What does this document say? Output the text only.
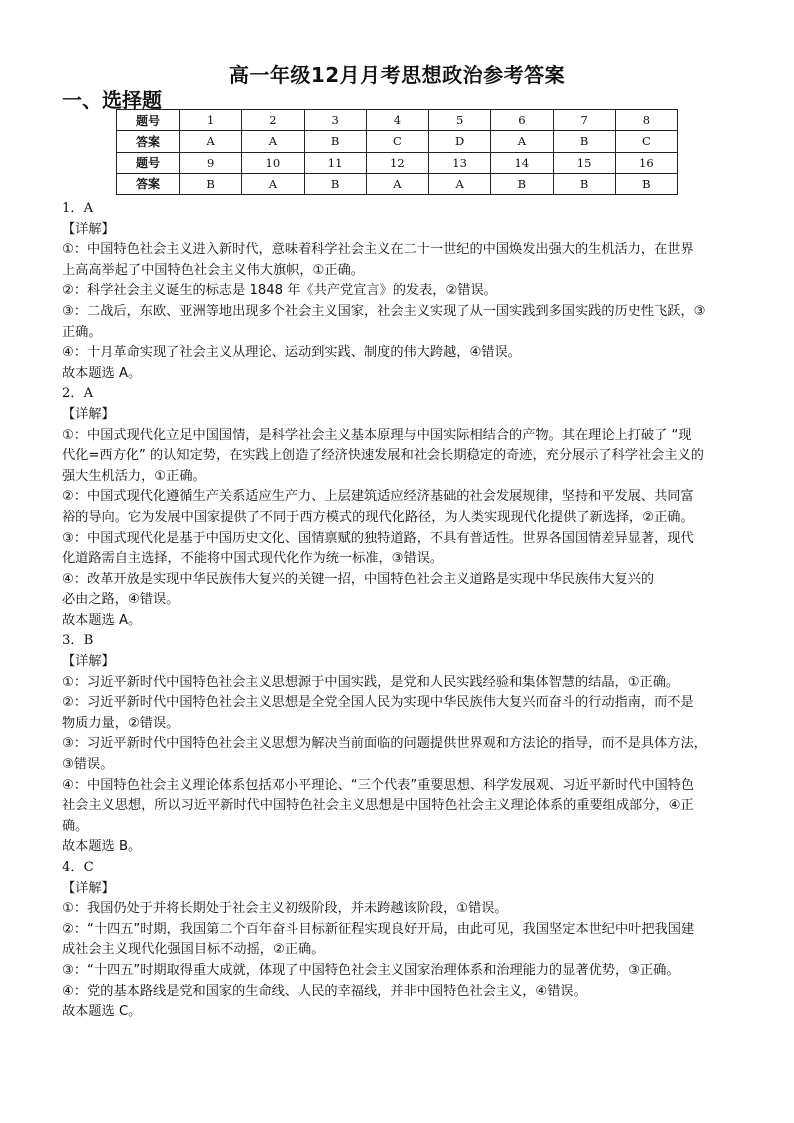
高一年级12月月考思想政治参考答案
一、选择题
题号	1	2	3	4	5	6	7	8
答案	A	A	B	C	D	A	B	C
题号	9	10	11	12	13	14	15	16
答案	B	A	B	A	A	B	B	B

1．A

【详解】

①：中国特色社会主义进入新时代，意味着科学社会主义在二十一世纪的中国焕发出强大的生机活力，在世界

上高高举起了中国特色社会主义伟大旗帜，①正确。

②：科学社会主义诞生的标志是 1848 年《共产党宣言》的发表，②错误。

③：二战后，东欧、亚洲等地出现多个社会主义国家，社会主义实现了从一国实践到多国实践的历史性飞跃，③

正确。

④：十月革命实现了社会主义从理论、运动到实践、制度的伟大跨越，④错误。

故本题选 A。

2．A

【详解】

①：中国式现代化立足中国国情，是科学社会主义基本原理与中国实际相结合的产物。其在理论上打破了 “现

代化=西方化” 的认知定势，在实践上创造了经济快速发展和社会长期稳定的奇迹，充分展示了科学社会主义的

强大生机活力，①正确。

②：中国式现代化遵循生产关系适应生产力、上层建筑适应经济基础的社会发展规律，坚持和平发展、共同富

裕的导向。它为发展中国家提供了不同于西方模式的现代化路径，为人类实现现代化提供了新选择，②正确。

③：中国式现代化是基于中国历史文化、国情禀赋的独特道路，不具有普适性。世界各国国情差异显著，现代

化道路需自主选择，不能将中国式现代化作为统一标准，③错误。

④：改革开放是实现中华民族伟大复兴的关键一招，中国特色社会主义道路是实现中华民族伟大复兴的

必由之路，④错误。

故本题选 A。

3．B

【详解】

①：习近平新时代中国特色社会主义思想源于中国实践，是党和人民实践经验和集体智慧的结晶，①正确。

②：习近平新时代中国特色社会主义思想是全党全国人民为实现中华民族伟大复兴而奋斗的行动指南，而不是

物质力量，②错误。

③：习近平新时代中国特色社会主义思想为解决当前面临的问题提供世界观和方法论的指导，而不是具体方法，

③错误。

④：中国特色社会主义理论体系包括邓小平理论、“三个代表”重要思想、科学发展观、习近平新时代中国特色

社会主义思想，所以习近平新时代中国特色社会主义思想是中国特色社会主义理论体系的重要组成部分，④正

确。

故本题选 B。

4．C

【详解】

①：我国仍处于并将长期处于社会主义初级阶段，并未跨越该阶段，①错误。

②：“十四五”时期，我国第二个百年奋斗目标新征程实现良好开局，由此可见，我国坚定本世纪中叶把我国建

成社会主义现代化强国目标不动摇，②正确。

③：“十四五”时期取得重大成就，体现了中国特色社会主义国家治理体系和治理能力的显著优势，③正确。

④：党的基本路线是党和国家的生命线、人民的幸福线，并非中国特色社会主义，④错误。

故本题选 C。
